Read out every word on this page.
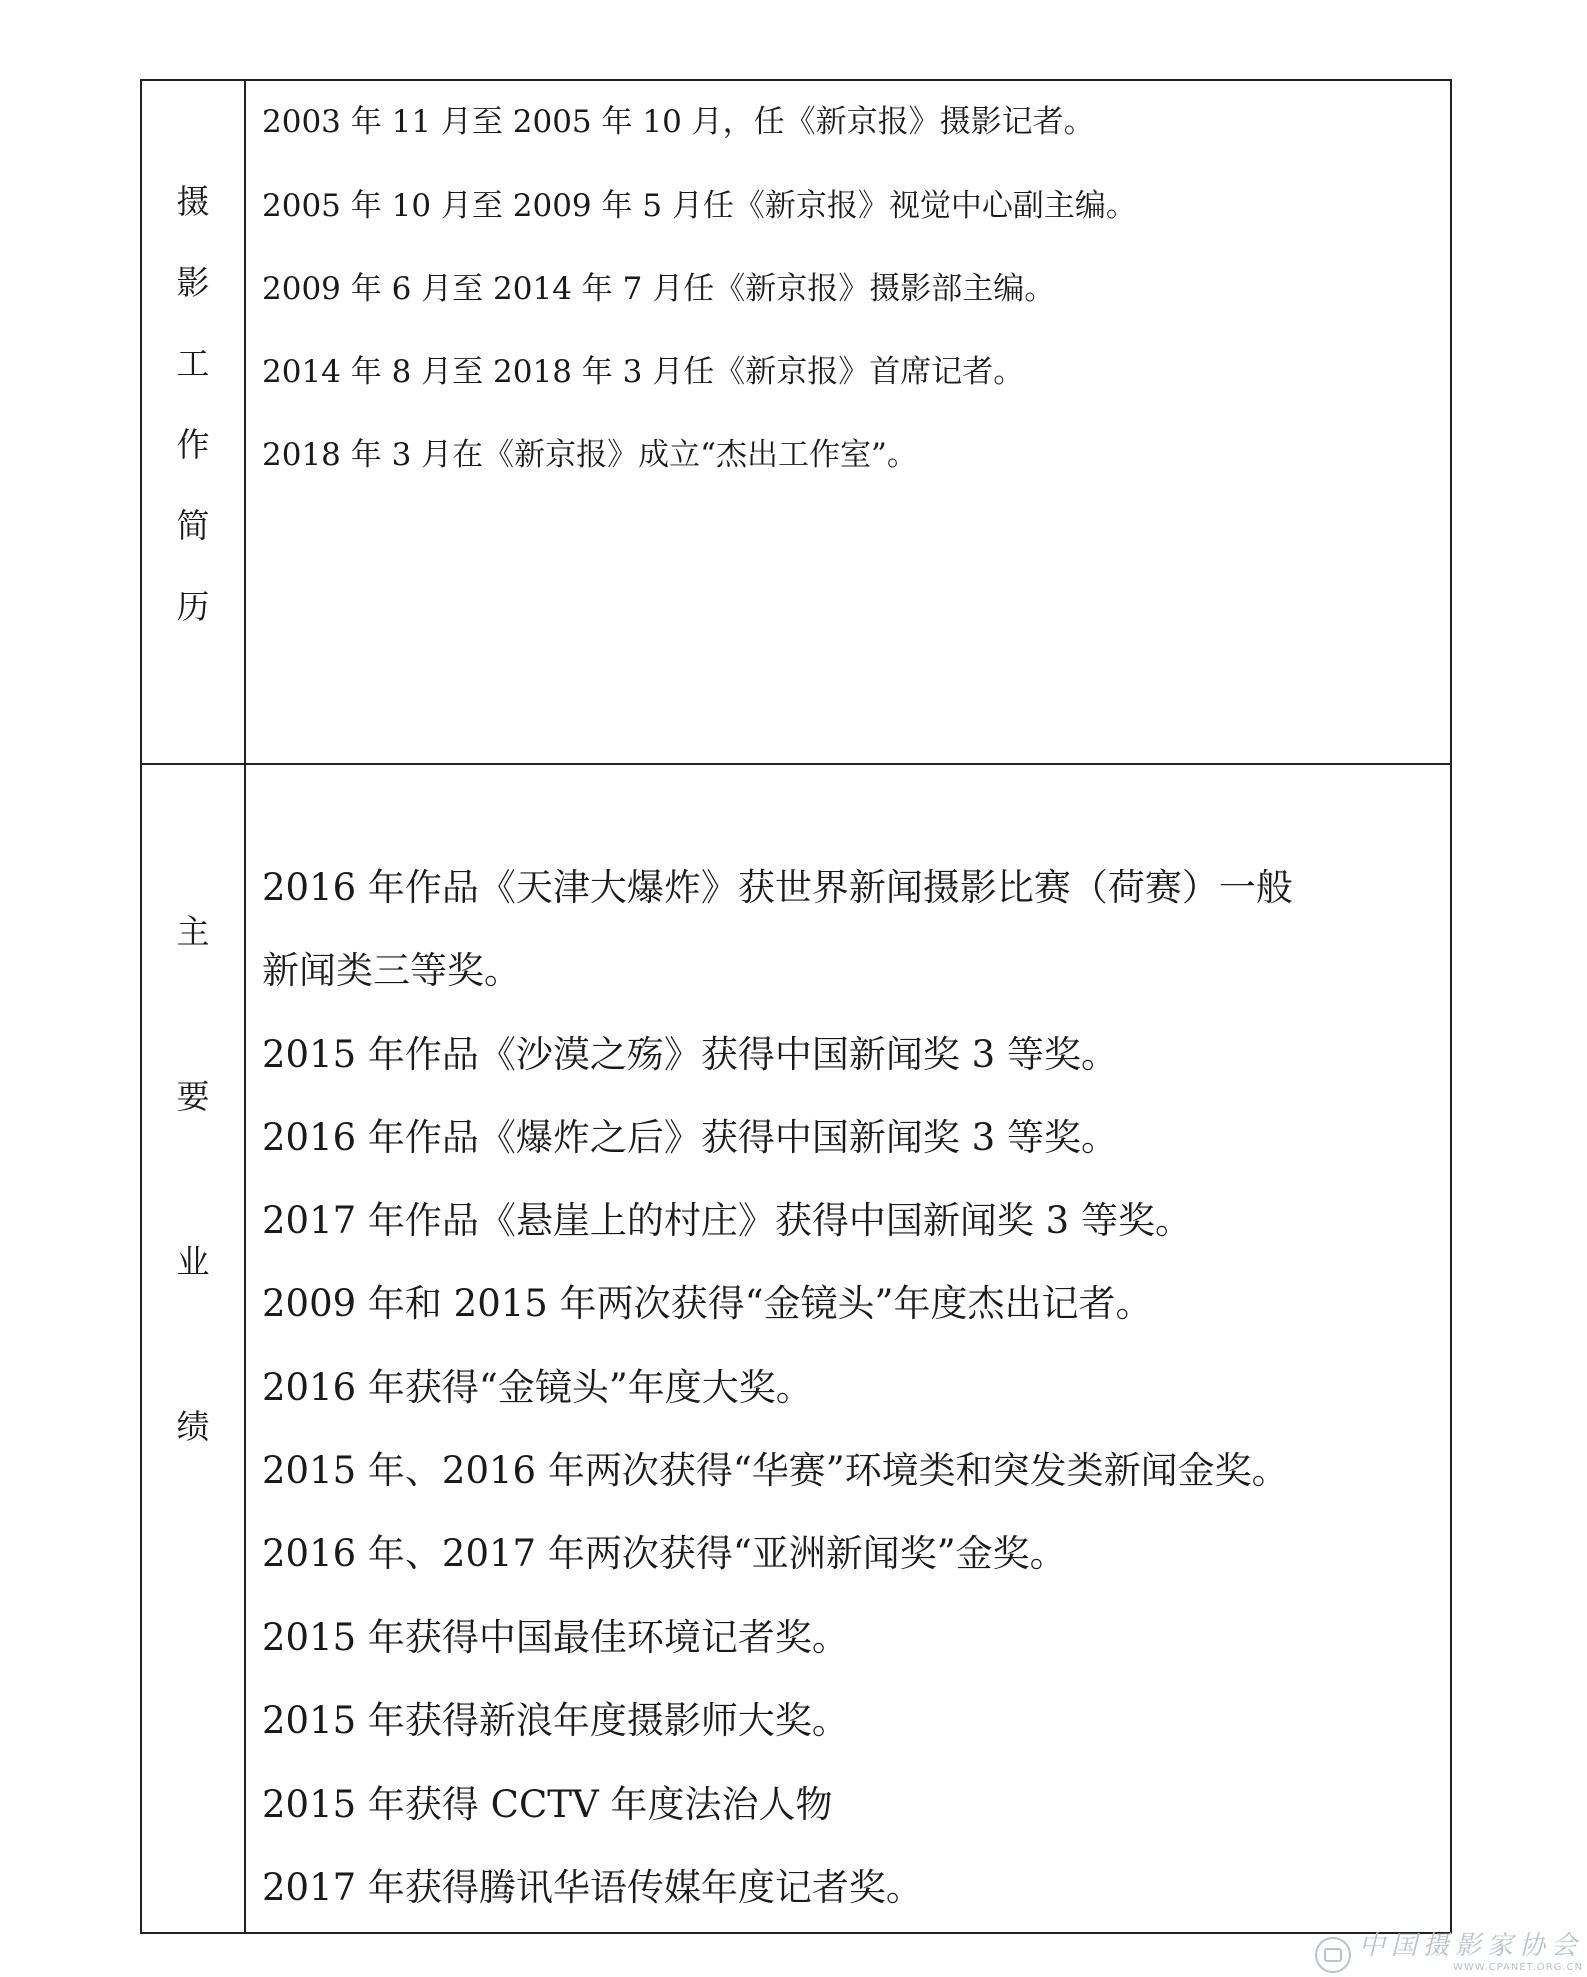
摄
影
工
作
简
历
2003 年 11 月至 2005 年 10 月，任《新京报》摄影记者。
2005 年 10 月至 2009 年 5 月任《新京报》视觉中心副主编。
2009 年 6 月至 2014 年 7 月任《新京报》摄影部主编。
2014 年 8 月至 2018 年 3 月任《新京报》首席记者。
2018 年 3 月在《新京报》成立“杰出工作室”。
主
要
业
绩
2016 年作品《天津大爆炸》获世界新闻摄影比赛（荷赛）一般
新闻类三等奖。
2015 年作品《沙漠之殇》获得中国新闻奖 3 等奖。
2016 年作品《爆炸之后》获得中国新闻奖 3 等奖。
2017 年作品《悬崖上的村庄》获得中国新闻奖 3 等奖。
2009 年和 2015 年两次获得“金镜头”年度杰出记者。
2016 年获得“金镜头”年度大奖。
2015 年、2016 年两次获得“华赛”环境类和突发类新闻金奖。
2016 年、2017 年两次获得“亚洲新闻奖”金奖。
2015 年获得中国最佳环境记者奖。
2015 年获得新浪年度摄影师大奖。
2015 年获得 CCTV 年度法治人物
2017 年获得腾讯华语传媒年度记者奖。
中国摄影家协会
WWW.CPANET.ORG.CN
